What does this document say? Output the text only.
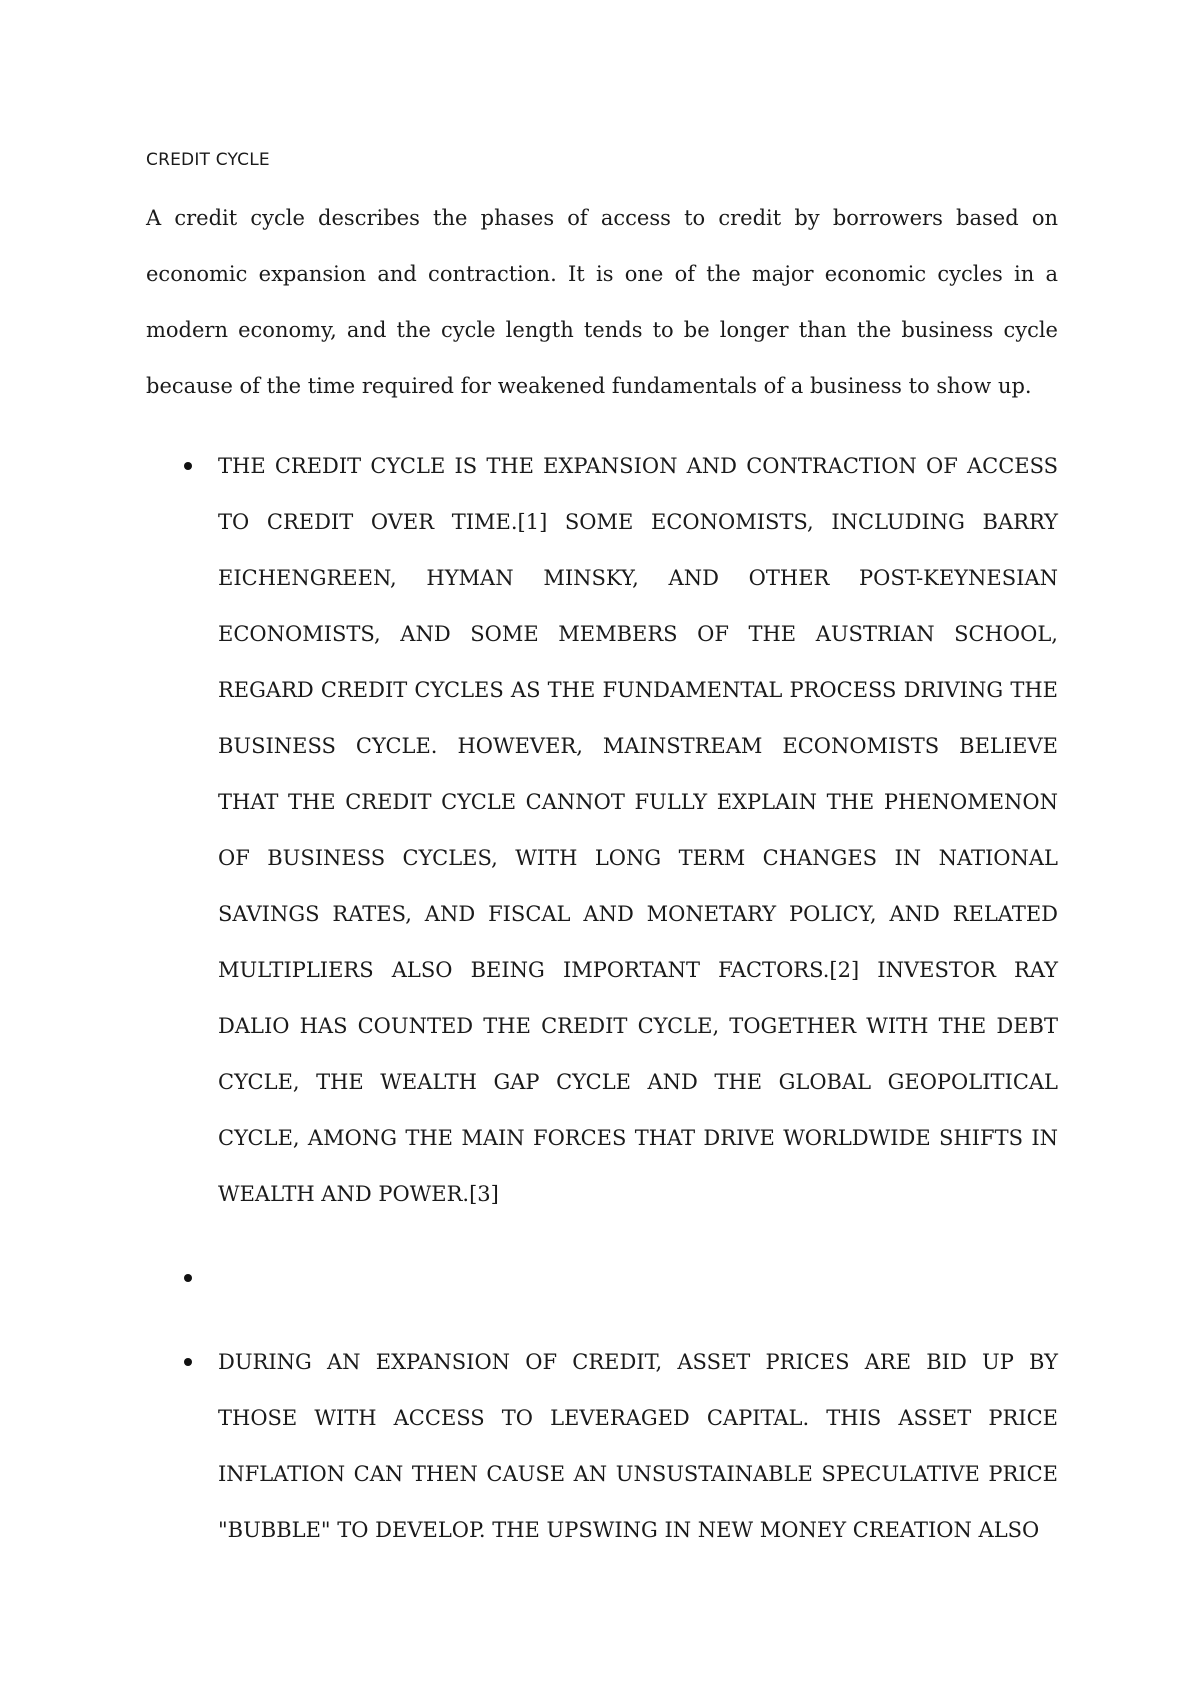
CREDIT CYCLE

A credit cycle describes the phases of access to credit by borrowers based on economic expansion and contraction. It is one of the major economic cycles in a modern economy, and the cycle length tends to be longer than the business cycle because of the time required for weakened fundamentals of a business to show up.

THE CREDIT CYCLE IS THE EXPANSION AND CONTRACTION OF ACCESS TO CREDIT OVER TIME.[1] SOME ECONOMISTS, INCLUDING BARRY EICHENGREEN, HYMAN MINSKY, AND OTHER POST-KEYNESIAN ECONOMISTS, AND SOME MEMBERS OF THE AUSTRIAN SCHOOL, REGARD CREDIT CYCLES AS THE FUNDAMENTAL PROCESS DRIVING THE BUSINESS CYCLE. HOWEVER, MAINSTREAM ECONOMISTS BELIEVE THAT THE CREDIT CYCLE CANNOT FULLY EXPLAIN THE PHENOMENON OF BUSINESS CYCLES, WITH LONG TERM CHANGES IN NATIONAL SAVINGS RATES, AND FISCAL AND MONETARY POLICY, AND RELATED MULTIPLIERS ALSO BEING IMPORTANT FACTORS.[2] INVESTOR RAY DALIO HAS COUNTED THE CREDIT CYCLE, TOGETHER WITH THE DEBT CYCLE, THE WEALTH GAP CYCLE AND THE GLOBAL GEOPOLITICAL CYCLE, AMONG THE MAIN FORCES THAT DRIVE WORLDWIDE SHIFTS IN WEALTH AND POWER.[3]
DURING AN EXPANSION OF CREDIT, ASSET PRICES ARE BID UP BY THOSE WITH ACCESS TO LEVERAGED CAPITAL. THIS ASSET PRICE INFLATION CAN THEN CAUSE AN UNSUSTAINABLE SPECULATIVE PRICE "BUBBLE" TO DEVELOP. THE UPSWING IN NEW MONEY CREATION ALSO
